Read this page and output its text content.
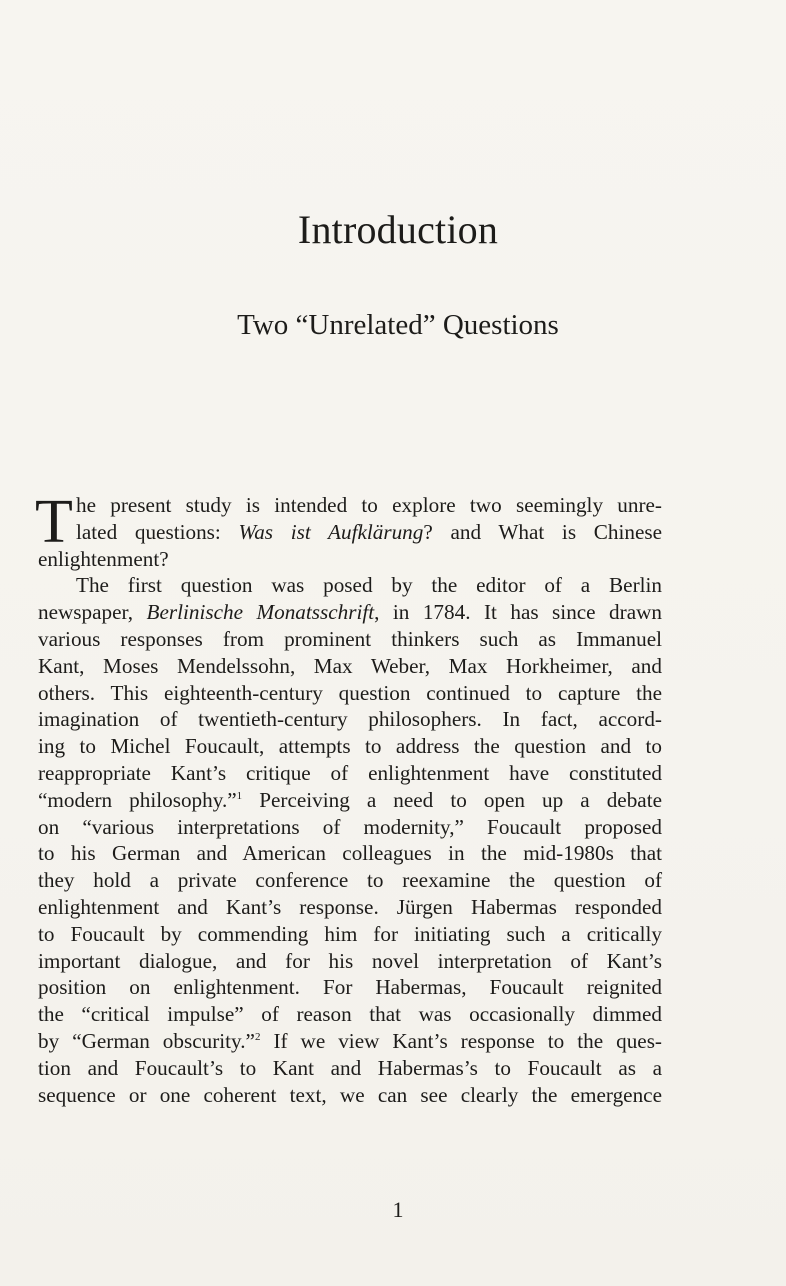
Introduction
Two “Unrelated” Questions
T he present study is intended to explore two seemingly unre-
lated questions: Was ist Aufklärung? and What is Chinese
enlightenment?
The first question was posed by the editor of a Berlin
newspaper, Berlinische Monatsschrift, in 1784. It has since drawn
various responses from prominent thinkers such as Immanuel
Kant, Moses Mendelssohn, Max Weber, Max Horkheimer, and
others. This eighteenth-century question continued to capture the
imagination of twentieth-century philosophers. In fact, accord-
ing to Michel Foucault, attempts to address the question and to
reappropriate Kant’s critique of enlightenment have constituted
“modern philosophy.”$^1$ Perceiving a need to open up a debate
on “various interpretations of modernity,” Foucault proposed
to his German and American colleagues in the mid-1980s that
they hold a private conference to reexamine the question of
enlightenment and Kant’s response. Jürgen Habermas responded
to Foucault by commending him for initiating such a critically
important dialogue, and for his novel interpretation of Kant’s
position on enlightenment. For Habermas, Foucault reignited
the “critical impulse” of reason that was occasionally dimmed
by “German obscurity.”$^2$ If we view Kant’s response to the ques-
tion and Foucault’s to Kant and Habermas’s to Foucault as a
sequence or one coherent text, we can see clearly the emergence
1
